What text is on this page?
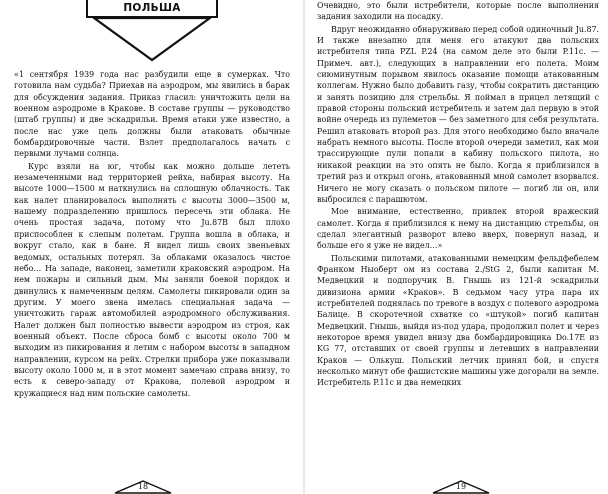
ПОЛЬША

«1 сентября 1939 года нас разбудили еще в сумерках. Что готовила нам судьба? Приехав на аэродром, мы явились в барак для обсуждения задания. Приказ гласил: уничтожить цели на военном аэродроме в Кракове. В составе группы — руководство (штаб группы) и две эскадрильи. Время атаки уже известно, а после нас уже цель должны были атаковать обычные бомбардировочные части. Взлет предполагалось начать с первыми лучами солнца.

Курс взяли на юг, чтобы как можно дольше лететь незамеченными над территорией рейха, набирая высоту. На высоте 1000—1500 м наткнулись на сплошную облачность. Так как налет планировалось выполнять с высоты 3000—3500 м, нашему подразделению пришлось пересечь эти облака. Не очень простая задача, потому что Ju.87B был плохо приспособлен к слепым полетам. Группа вошла в облака, и вокруг стало, как в бане. Я видел лишь своих звеньевых ведомых, остальных потерял. За облаками оказалось чистое небо… На западе, наконец, заметили краковский аэродром. На нем пожары и сильный дым. Мы заняли боевой порядок и двинулись к намеченным целям. Самолеты пикировали один за другим. У моего звена имелась специальная задача — уничтожить гараж автомобилей аэродромного обслуживания. Налет должен был полностью вывести аэродром из строя, как военный объект. После сброса бомб с высоты около 700 м выходим из пикирования и летим с набором высоты в западном направлении, курсом на рейх. Стрелки прибора уже показывали высоту около 1000 м, и в этот момент замечаю справа внизу, то есть к северо-западу от Кракова, полевой аэродром и кружащиеся над ним польские самолеты.

18

Очевидно, это были истребители, которые после выполнения задания заходили на посадку.

Вдруг неожиданно обнаруживаю перед собой одиночный Ju.87. И также внезапно для меня его атакуют два польских истребителя типа PZL P.24 (на самом деле это были P.11c. — Примеч. авт.), следующих в направлении его полета. Моим сиюминутным порывом явилось оказание помощи атакованным коллегам. Нужно было добавить газу, чтобы сократить дистанцию и занять позицию для стрельбы. Я поймал в прицел летящий с правой стороны польский истребитель и затем дал первую в этой войне очередь из пулеметов — без заметного для себя результата. Решил атаковать второй раз. Для этого необходимо было вначале набрать немного высоты. После второй очереди заметил, как мои трассирующие пули попали в кабину польского пилота, но никакой реакции на это опять не было. Когда я приблизился в третий раз и открыл огонь, атакованный мной самолет взорвался. Ничего не могу сказать о польском пилоте — погиб ли он, или выбросился с парашютом.

Мое внимание, естественно, привлек второй вражеский самолет. Когда я приблизился к нему на дистанцию стрельбы, он сделал элегантный разворот влево вверх, повернул назад, и больше его я уже не видел…»

Польскими пилотами, атакованными немецким фельдфебелем Франком Ныоберт ом из состава 2./StG 2, были капитан М. Медвецкий и подпоручик В. Гнышь из 121-й эскадрильи дивизиона армии «Краков». В седьмом часу утра пара их истребителей поднялась по тревоге в воздух с полевого аэродрома Балице. В скоротечной схватке со «штукой» погиб капитан Медвецкий. Гнышь, выйдя из-под удара, продолжил полет и через некоторое время увидел внизу два бомбардировщика Do.17E из KG 77, отставших от своей группы и летевших в направлении Краков — Олькуш. Польский летчик принял бой, и спустя несколько минут обе фашистские машины уже догорали на земле. Истребитель P.11c и два немецких

19
